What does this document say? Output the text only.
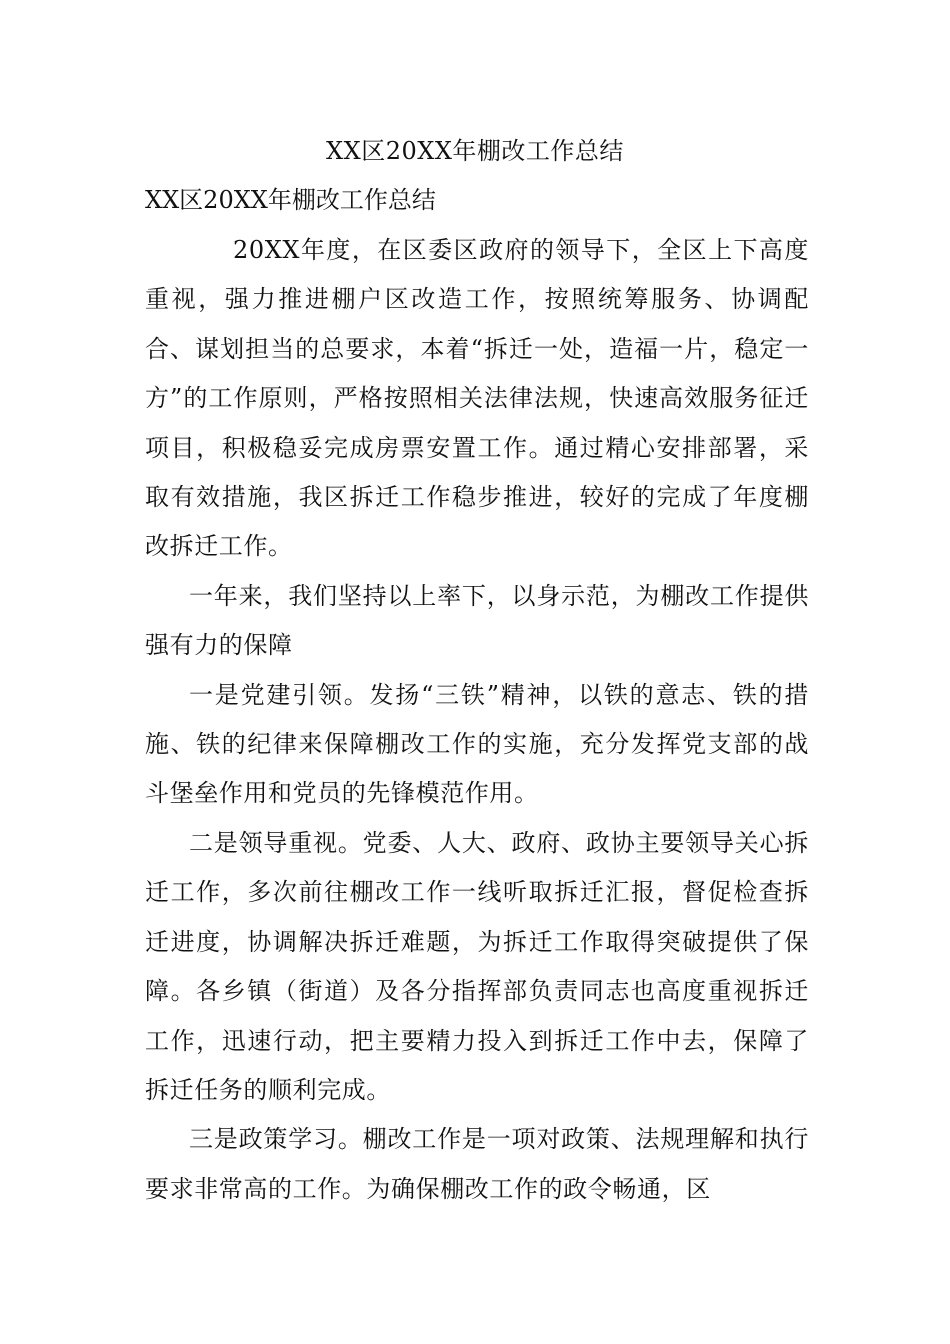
XX区20XX年棚改工作总结
XX区20XX年棚改工作总结

20XX年度，在区委区政府的领导下，全区上下高度重视，强力推进棚户区改造工作，按照统筹服务、协调配合、谋划担当的总要求，本着“拆迁一处，造福一片，稳定一方”的工作原则，严格按照相关法律法规，快速高效服务征迁项目，积极稳妥完成房票安置工作。通过精心安排部署，采取有效措施，我区拆迁工作稳步推进，较好的完成了年度棚改拆迁工作。

一年来，我们坚持以上率下，以身示范，为棚改工作提供强有力的保障

一是党建引领。发扬“三铁”精神，以铁的意志、铁的措施、铁的纪律来保障棚改工作的实施，充分发挥党支部的战斗堡垒作用和党员的先锋模范作用。

二是领导重视。党委、人大、政府、政协主要领导关心拆迁工作，多次前往棚改工作一线听取拆迁汇报，督促检查拆迁进度，协调解决拆迁难题，为拆迁工作取得突破提供了保障。各乡镇（街道）及各分指挥部负责同志也高度重视拆迁工作，迅速行动，把主要精力投入到拆迁工作中去，保障了拆迁任务的顺利完成。

三是政策学习。棚改工作是一项对政策、法规理解和执行要求非常高的工作。为确保棚改工作的政令畅通，区
